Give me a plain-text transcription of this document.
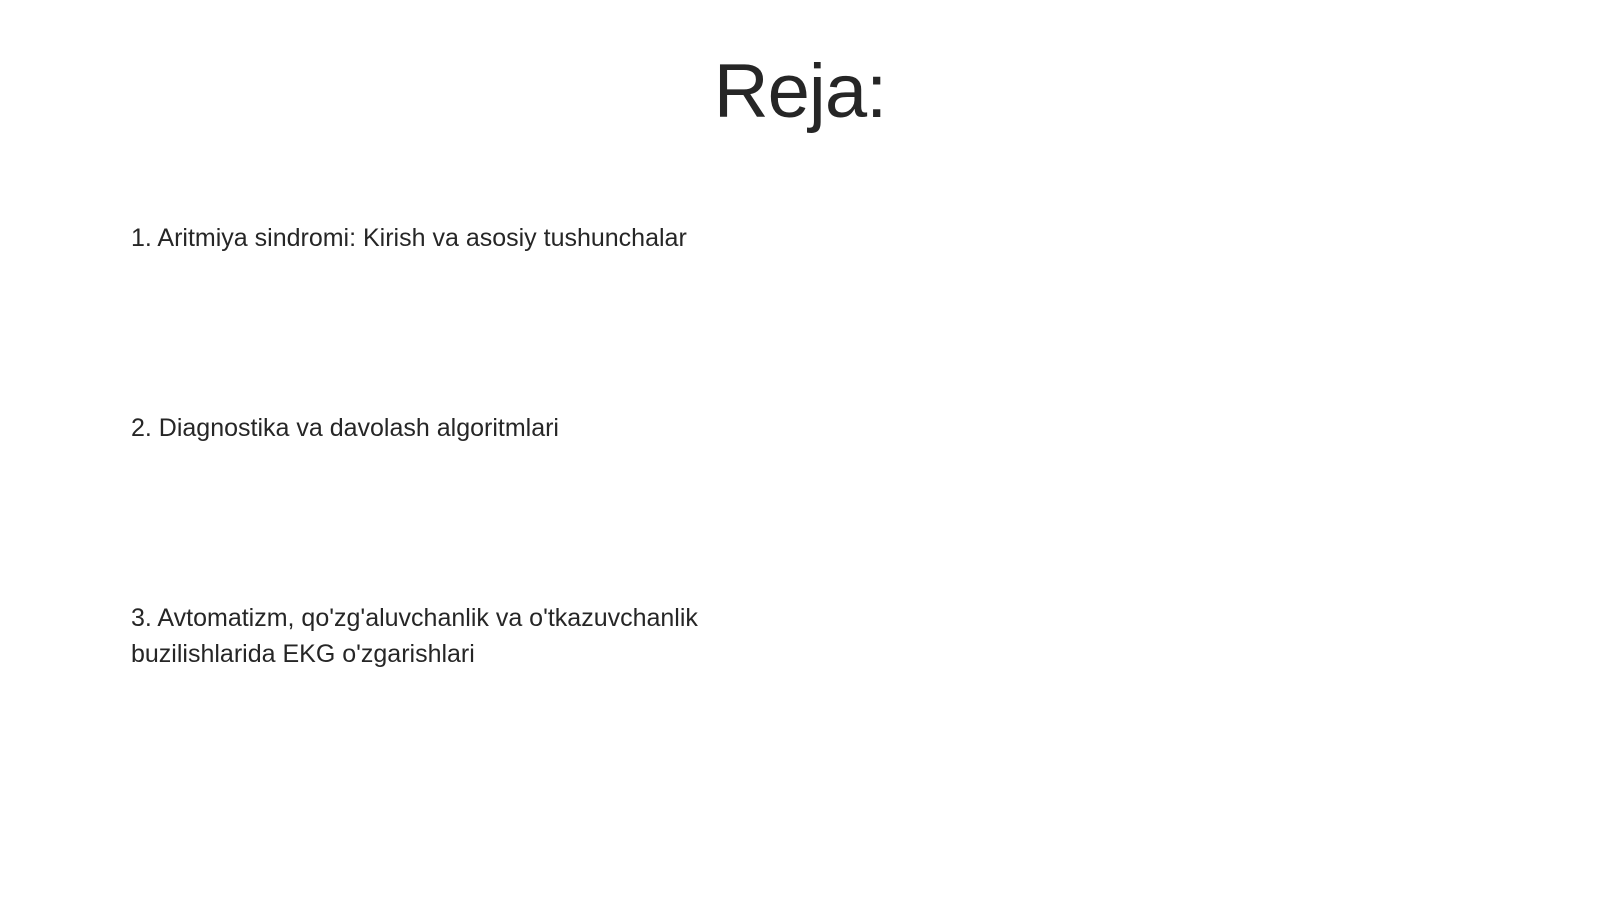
Reja:
1. Aritmiya sindromi: Kirish va asosiy tushunchalar
2. Diagnostika va davolash algoritmlari
3. Avtomatizm, qo'zg'aluvchanlik va o'tkazuvchanlik buzilishlarida EKG o'zgarishlari
